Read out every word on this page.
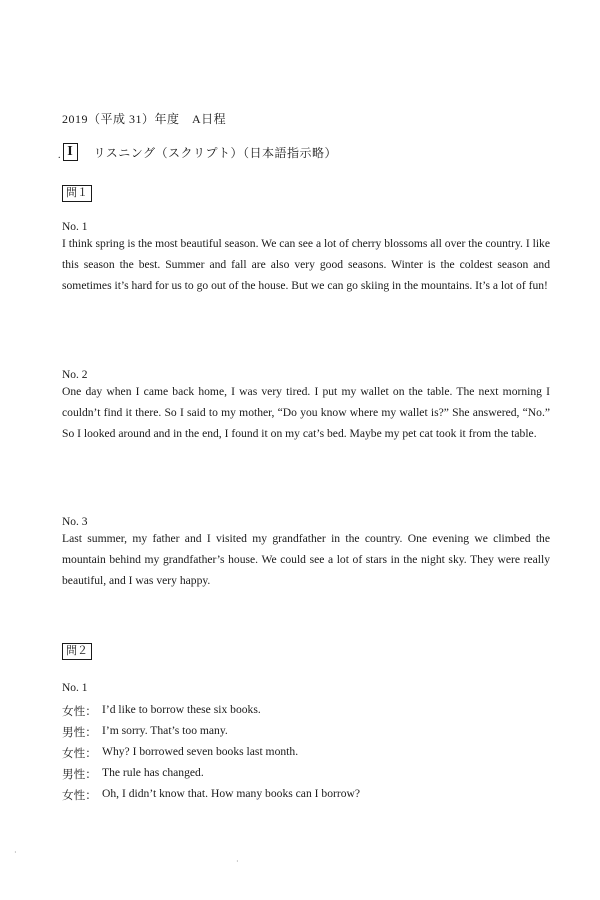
2019（平成 31）年度　A日程
. I	リスニング（スクリプト）（日本語指示略）
問１
No. 1
I think spring is the most beautiful season. We can see a lot of cherry blossoms all over the country. I like this season the best. Summer and fall are also very good seasons. Winter is the coldest season and sometimes it’s hard for us to go out of the house. But we can go skiing in the mountains. It’s a lot of fun!
No. 2
One day when I came back home, I was very tired. I put my wallet on the table. The next morning I couldn’t find it there. So I said to my mother, “Do you know where my wallet is?” She answered, “No.” So I looked around and in the end, I found it on my cat’s bed. Maybe my pet cat took it from the table.
No. 3
Last summer, my father and I visited my grandfather in the country. One evening we climbed the mountain behind my grandfather’s house. We could see a lot of stars in the night sky. They were really beautiful, and I was very happy.
問２
No. 1
女性： I’d like to borrow these six books.
男性： I’m sorry. That’s too many.
女性： Why? I borrowed seven books last month.
男性： The rule has changed.
女性： Oh, I didn’t know that. How many books can I borrow?
·
·
